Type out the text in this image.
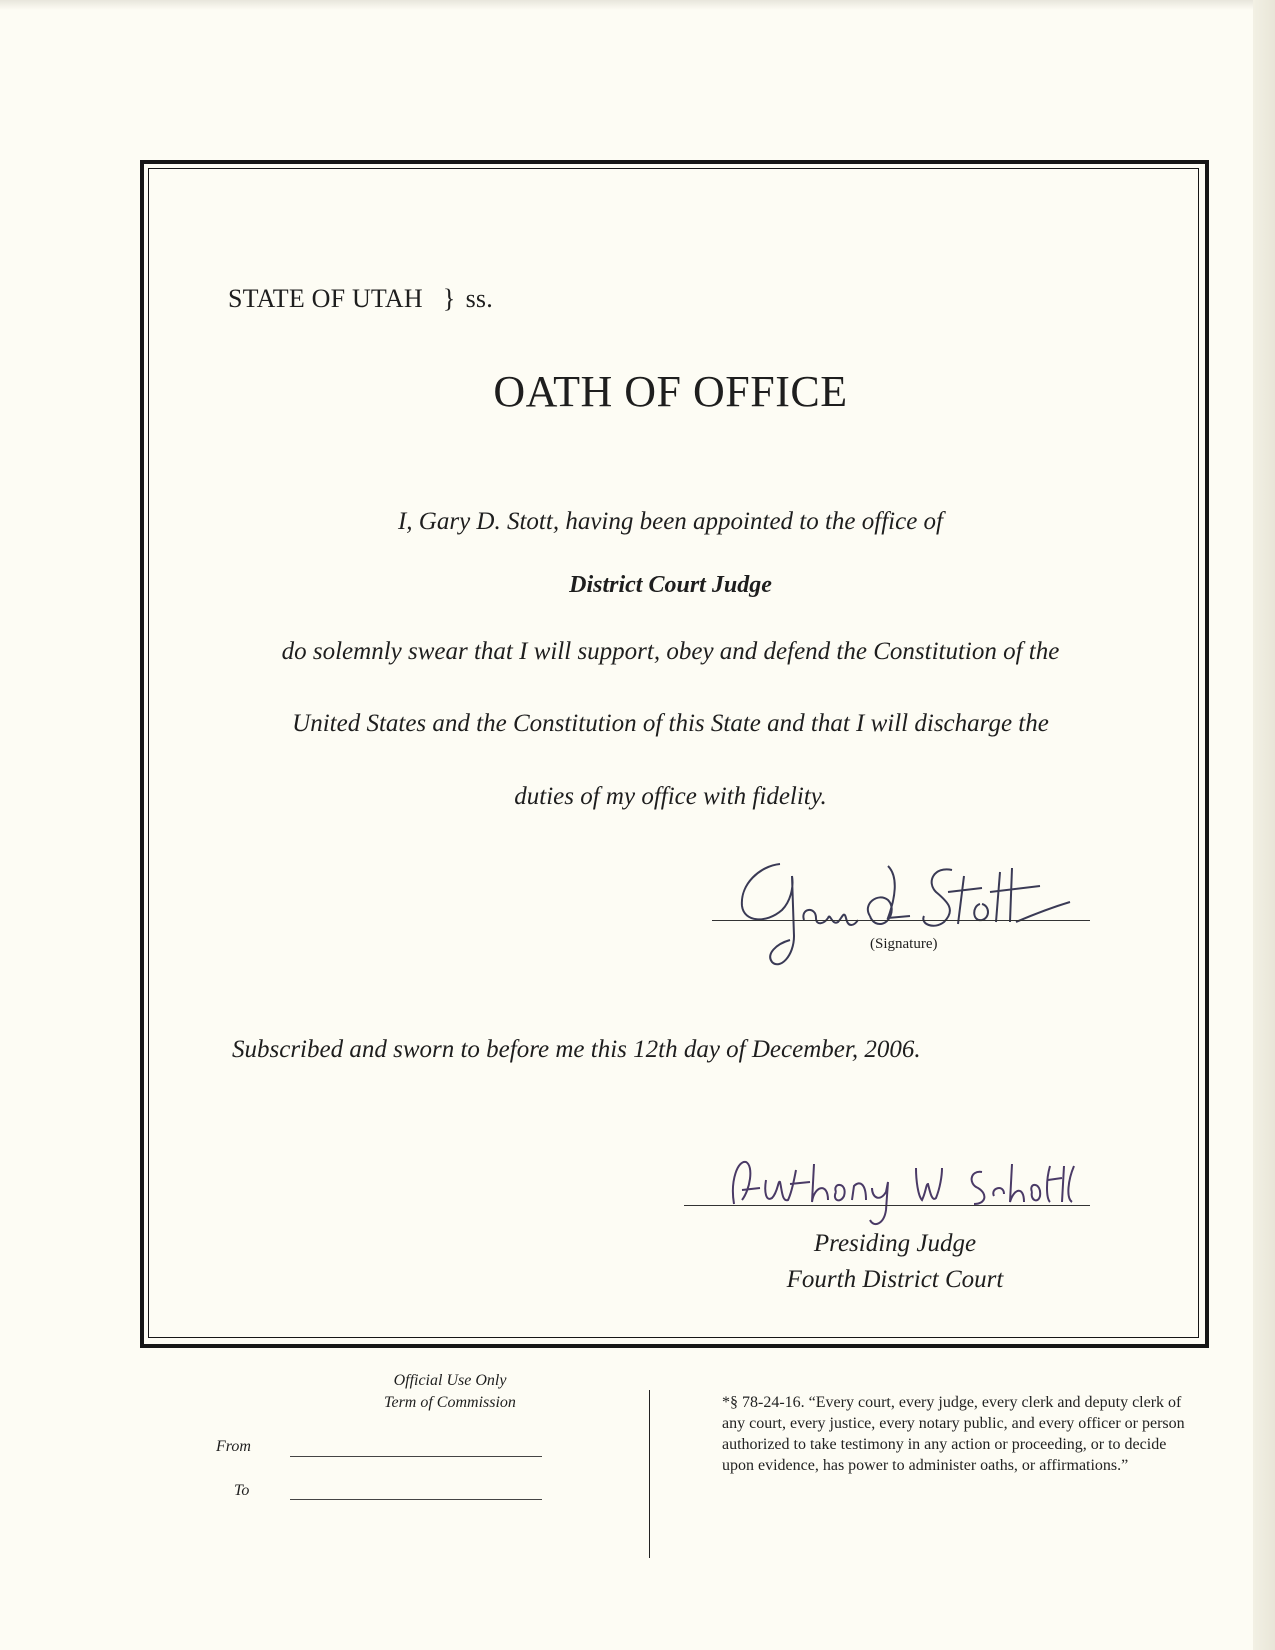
STATE OF UTAH } ss.
OATH OF OFFICE
I, Gary D. Stott, having been appointed to the office of
District Court Judge
do solemnly swear that I will support, obey and defend the Constitution of the
United States and the Constitution of this State and that I will discharge the
duties of my office with fidelity.
(Signature)
Subscribed and sworn to before me this 12th day of December, 2006.
Presiding Judge
Fourth District Court
Official Use Only
Term of Commission
From
To
*§ 78-24-16. “Every court, every judge, every clerk and deputy clerk of any court, every justice, every notary public, and every officer or person authorized to take testimony in any action or proceeding, or to decide upon evidence, has power to administer oaths, or affirmations.”
